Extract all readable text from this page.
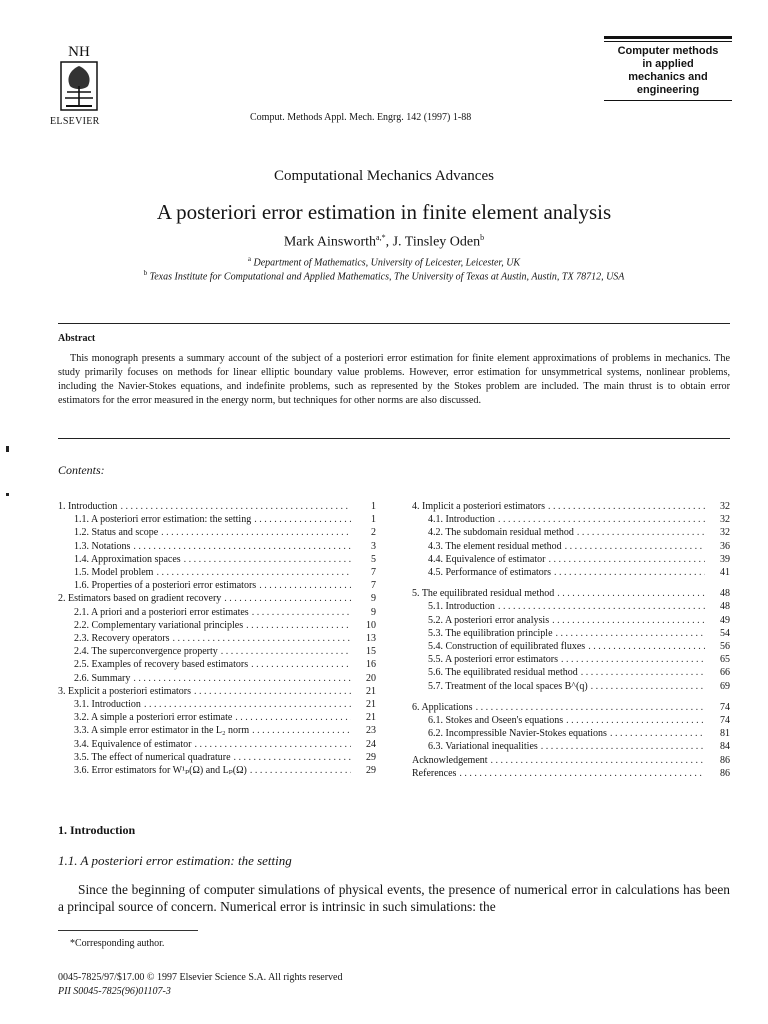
NH
ELSEVIER	Comput. Methods Appl. Mech. Engrg. 142 (1997) 1-88
Computer methods
in applied
mechanics and
engineering
Computational Mechanics Advances
A posteriori error estimation in finite element analysis
Mark Ainsworth$^{a,*}$, J. Tinsley Oden$^b$
$^a$ Department of Mathematics, University of Leicester, Leicester, UK
$^b$ Texas Institute for Computational and Applied Mathematics, The University of Texas at Austin, Austin, TX 78712, USA
Abstract
This monograph presents a summary account of the subject of a posteriori error estimation for finite element approximations of problems in mechanics. The study primarily focuses on methods for linear elliptic boundary value problems. However, error estimation for unsymmetrical systems, nonlinear problems, including the Navier-Stokes equations, and indefinite problems, such as represented by the Stokes problem are included. The main thrust is to obtain error estimators for the error measured in the energy norm, but techniques for other norms are also discussed.
Contents:
1. Introduction . . .	1
1.1. A posteriori error estimation: the setting . . .	1
1.2. Status and scope . . .	2
1.3. Notations . . .	3
1.4. Approximation spaces . . .	5
1.5. Model problem . . .	7
1.6. Properties of a posteriori error estimators . . .	7
2. Estimators based on gradient recovery . . .	9
2.1. A priori and a posteriori error estimates . . .	9
2.2. Complementary variational principles . . .	10
2.3. Recovery operators . . .	13
2.4. The superconvergence property . . .	15
2.5. Examples of recovery based estimators . . .	16
2.6. Summary . . .	20
3. Explicit a posteriori estimators . . .	21
3.1. Introduction . . .	21
3.2. A simple a posteriori error estimate . . .	21
3.3. A simple error estimator in the L₂ norm . . .	23
3.4. Equivalence of estimator . . .	24
3.5. The effect of numerical quadrature . . .	29
3.6. Error estimators for W¹ₚ(Ω) and Lₚ(Ω) . . .	29
4. Implicit a posteriori estimators . . .	32
4.1. Introduction . . .	32
4.2. The subdomain residual method . . .	32
4.3. The element residual method . . .	36
4.4. Equivalence of estimator . . .	39
4.5. Performance of estimators . . .	41
5. The equilibrated residual method . . .	48
5.1. Introduction . . .	48
5.2. A posteriori error analysis . . .	49
5.3. The equilibration principle . . .	54
5.4. Construction of equilibrated fluxes . . .	56
5.5. A posteriori error estimators . . .	65
5.6. The equilibrated residual method . . .	66
5.7. Treatment of the local spaces B^(q) . . .	69
6. Applications . . .	74
6.1. Stokes and Oseen's equations . . .	74
6.2. Incompressible Navier-Stokes equations . . .	81
6.3. Variational inequalities . . .	84
Acknowledgement . . .	86
References . . .	86
1. Introduction
1.1. A posteriori error estimation: the setting
Since the beginning of computer simulations of physical events, the presence of numerical error in calculations has been a principal source of concern. Numerical error is intrinsic in such simulations: the
*Corresponding author.
0045-7825/97/$17.00 © 1997 Elsevier Science S.A. All rights reserved
PII S0045-7825(96)01107-3
